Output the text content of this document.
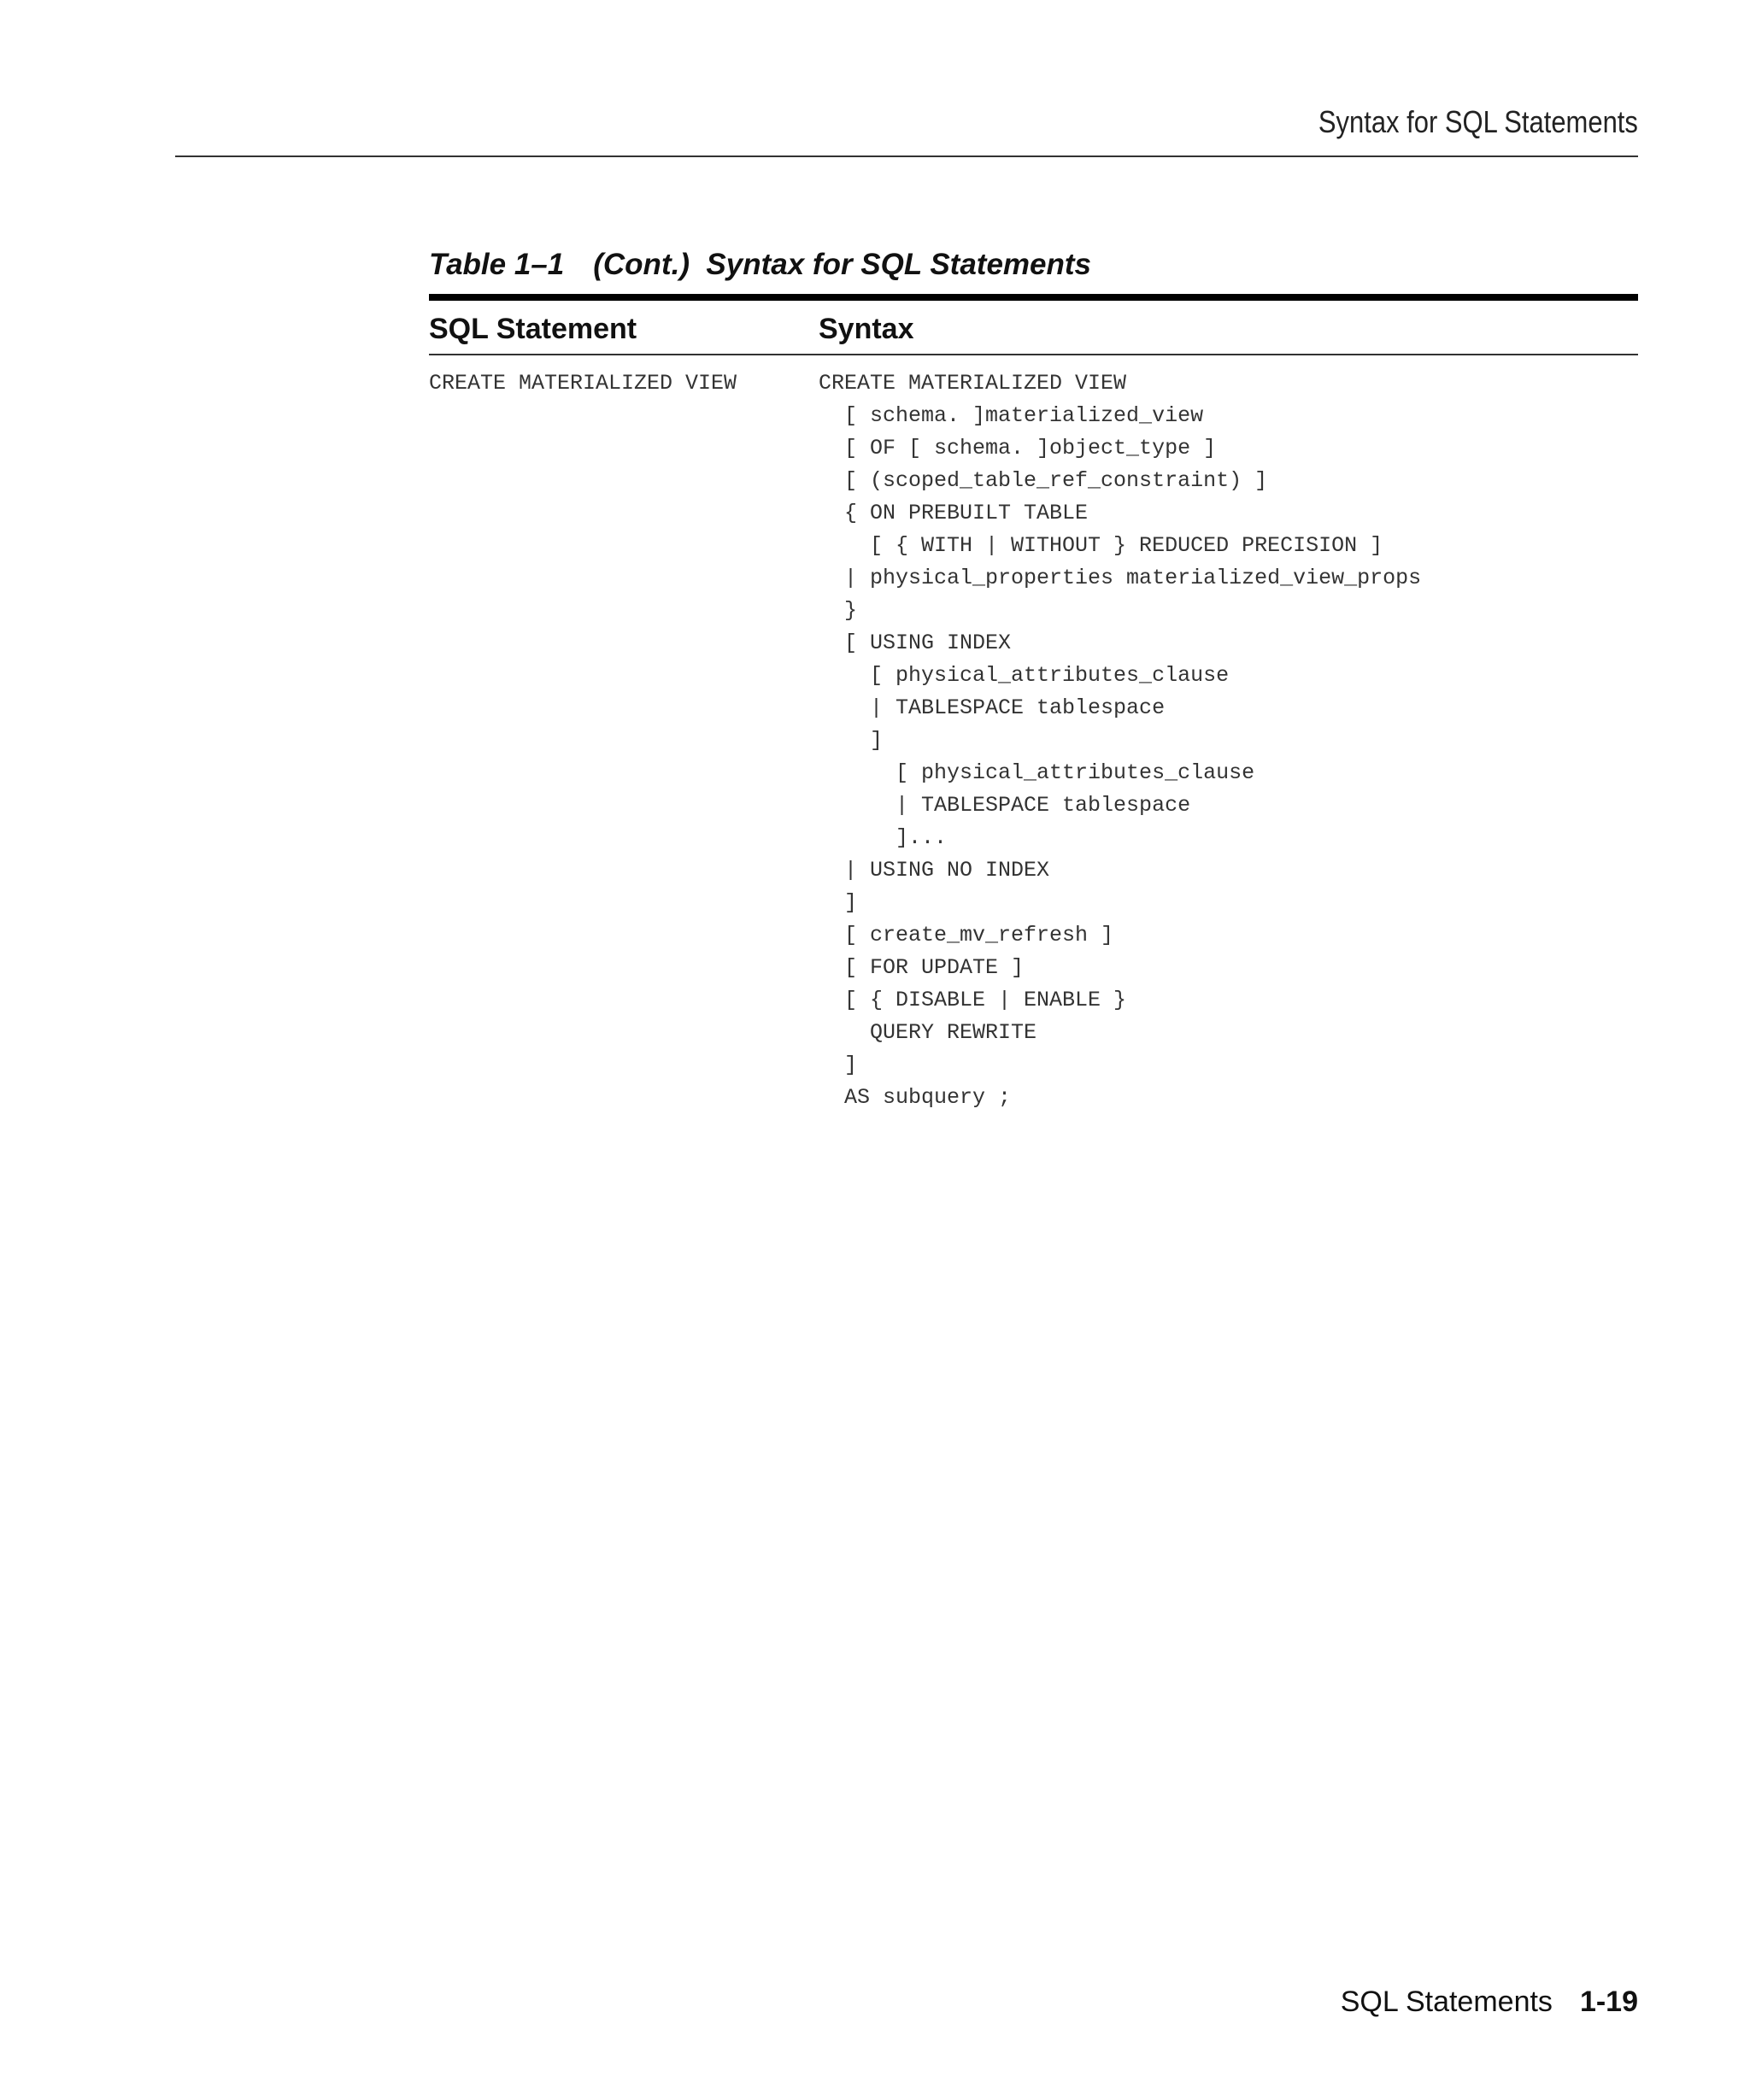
Syntax for SQL Statements
Table 1–1 (Cont.)  Syntax for SQL Statements
SQL Statement	Syntax
CREATE MATERIALIZED VIEW	CREATE MATERIALIZED VIEW
[ schema. ]materialized_view
[ OF [ schema. ]object_type ]
[ (scoped_table_ref_constraint) ]
{ ON PREBUILT TABLE
[ { WITH | WITHOUT } REDUCED PRECISION ]
| physical_properties materialized_view_props
}
[ USING INDEX
[ physical_attributes_clause
| TABLESPACE tablespace
]
[ physical_attributes_clause
| TABLESPACE tablespace
]...
| USING NO INDEX
]
[ create_mv_refresh ]
[ FOR UPDATE ]
[ { DISABLE | ENABLE }
QUERY REWRITE
]
AS subquery ;
SQL Statements 1-19
